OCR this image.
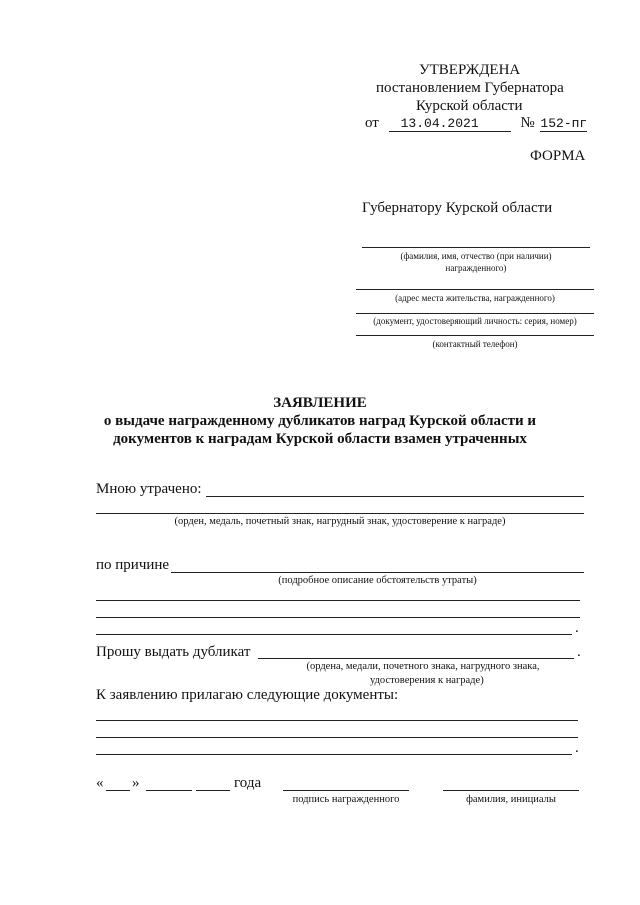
УТВЕРЖДЕНА
постановлением Губернатора
Курской области
от 13.04.2021	№ 152-пг
ФОРМА
Губернатору Курской области
(фамилия, имя, отчество (при наличии)
награжденного)
(адрес места жительства, награжденного)
(документ, удостоверяющий личность: серия, номер)
(контактный телефон)
ЗАЯВЛЕНИЕ
о выдаче награжденному дубликатов наград Курской области и
документов к наградам Курской области взамен утраченных
Мною утрачено:
(орден, медаль, почетный знак, нагрудный знак, удостоверение к награде)
по причине
(подробное описание обстоятельств утраты)
.
Прошу выдать дубликат	.
(ордена, медали, почетного знака, нагрудного знака,
удостоверения к награде)
К заявлению прилагаю следующие документы:
.
« »	года
подпись награжденного	фамилия, инициалы
